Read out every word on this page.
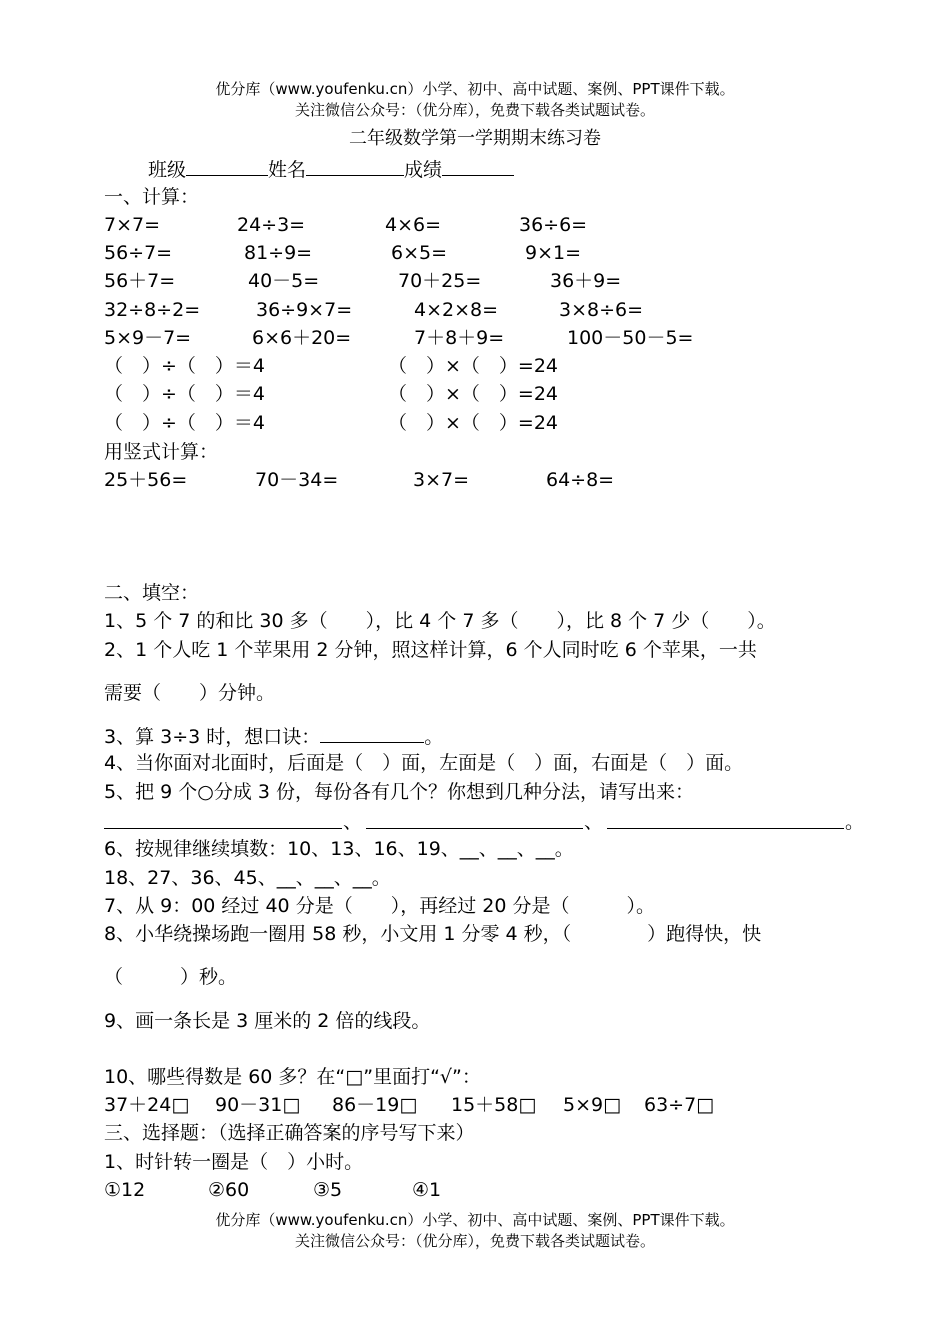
优分库（www.youfenku.cn）小学、初中、高中试题、案例、PPT课件下载。
关注微信公众号：（优分库），免费下载各类试题试卷。
二年级数学第一学期期末练习卷
班级	姓名	成绩
一、计算：
7×7=	24÷3=	4×6=	36÷6=
56÷7=	81÷9=	6×5=	9×1=
56＋7=	40－5=	70＋25=	36＋9=
32÷8÷2=	36÷9×7=	4×2×8=	3×8÷6=
5×9－7=	6×6＋20=	7＋8＋9=	100－50－5=
（　）÷（　）＝4	（　）×（　）=24
（　）÷（　）＝4	（　）×（　）=24
（　）÷（　）＝4	（　）×（　）=24
用竖式计算：
25＋56=	70－34=	3×7=	64÷8=
二、填空：
1、5 个 7 的和比 30 多（　　），比 4 个 7 多（　　），比 8 个 7 少（　　）。
2、1 个人吃 1 个苹果用 2 分钟，照这样计算，6 个人同时吃 6 个苹果，一共
需要（　　）分钟。
3、算 3÷3 时，想口诀：	。
4、当你面对北面时，后面是（　）面，左面是（　）面，右面是（　）面。
5、把 9 个○分成 3 份，每份各有几个？你想到几种分法，请写出来：
、	、	。
6、按规律继续填数：10、13、16、19、__、__、__。
18、27、36、45、__、__、__。
7、从 9：00 经过 40 分是（　　），再经过 20 分是（　　　）。
8、小华绕操场跑一圈用 58 秒，小文用 1 分零 4 秒，（　　　　）跑得快，快
（　　　）秒。
9、画一条长是 3 厘米的 2 倍的线段。
10、哪些得数是 60 多？在“□”里面打“√”：
37＋24□ 90－31□ 86－19□ 15＋58□ 5×9□ 63÷7□
三、选择题：（选择正确答案的序号写下来）
1、时针转一圈是（　）小时。
①12	②60	③5	④1
优分库（www.youfenku.cn）小学、初中、高中试题、案例、PPT课件下载。
关注微信公众号：（优分库），免费下载各类试题试卷。
